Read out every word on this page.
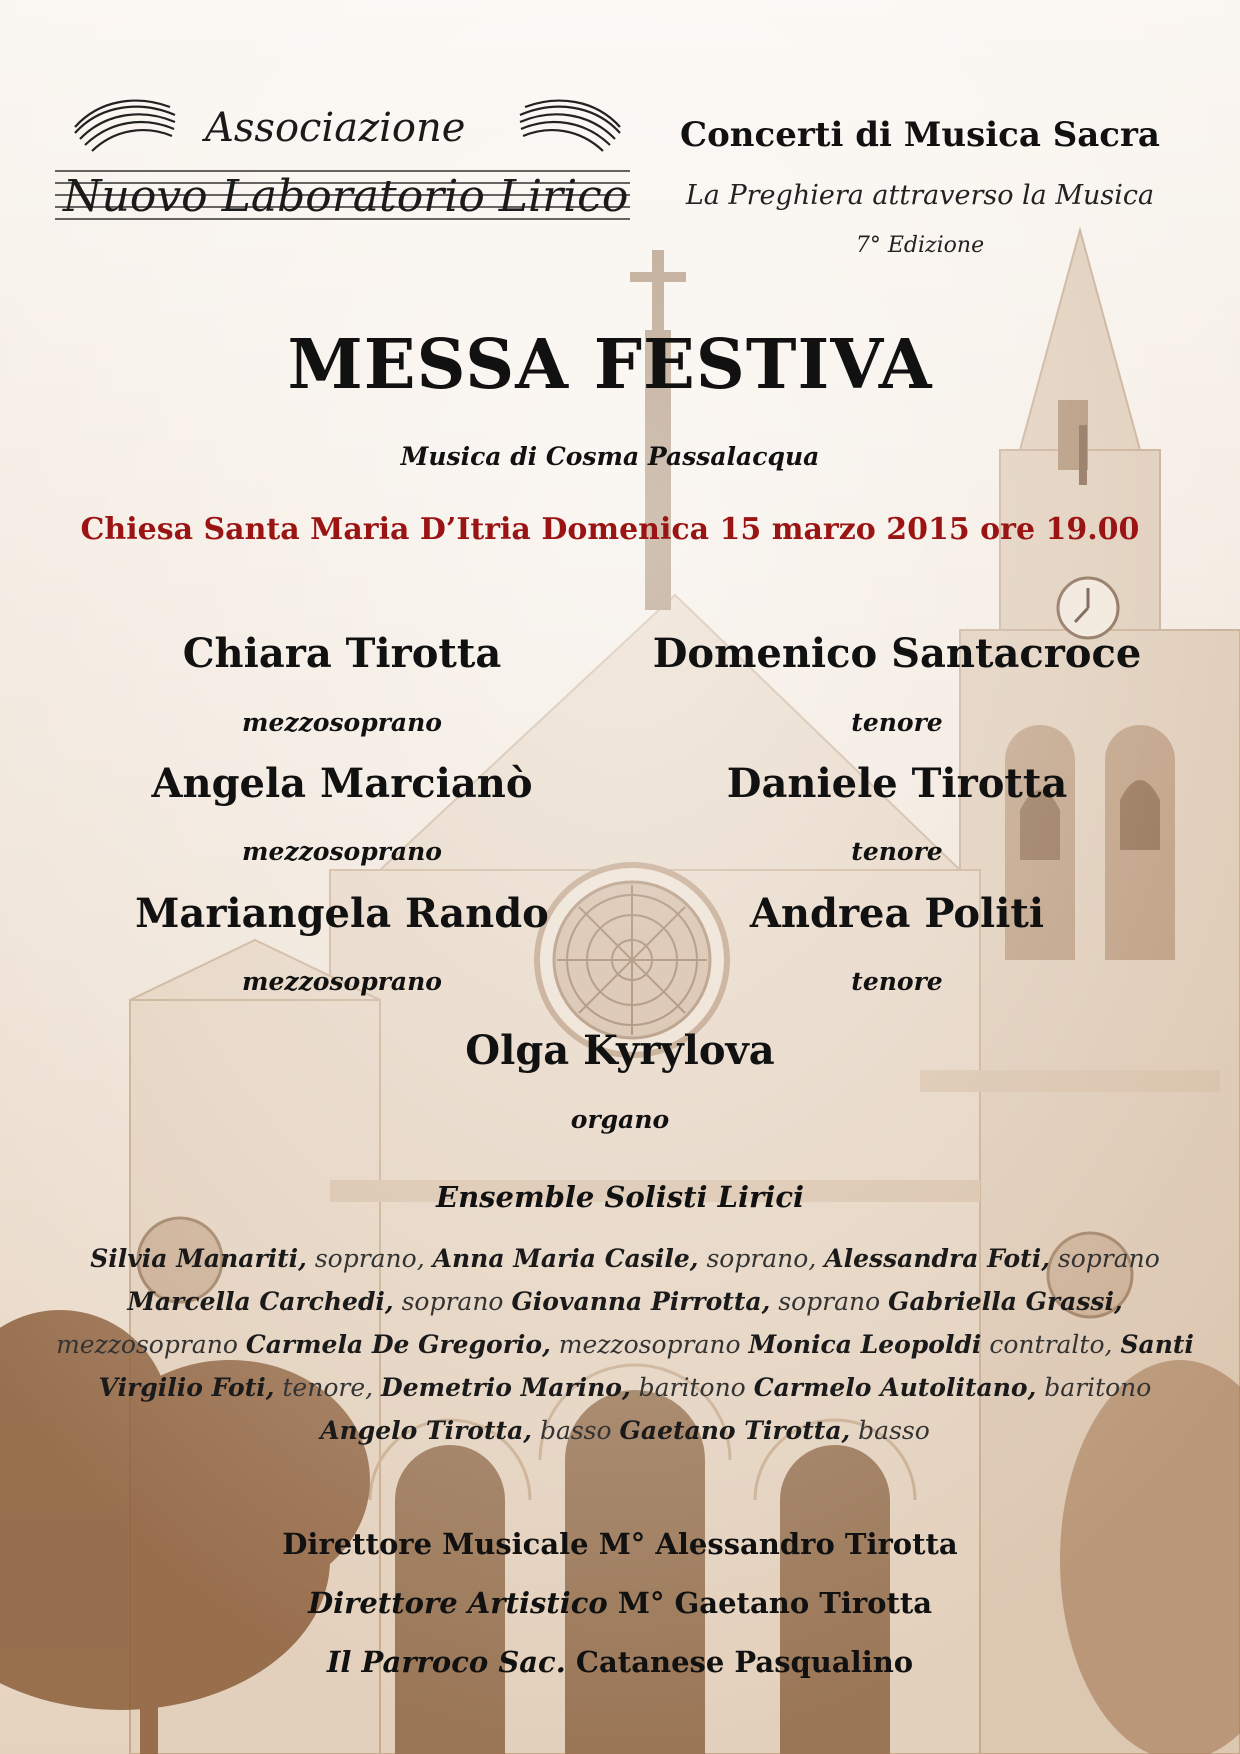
Associazione
Nuovo Laboratorio Lirico
Concerti di Musica Sacra
La Preghiera attraverso la Musica
7° Edizione
MESSA FESTIVA
Musica di Cosma Passalacqua
Chiesa Santa Maria D’Itria Domenica 15 marzo 2015 ore 19.00
Chiara Tirotta
mezzosoprano
Angela Marcianò
mezzosoprano
Mariangela Rando
mezzosoprano
Domenico Santacroce
tenore
Daniele Tirotta
tenore
Andrea Politi
tenore
Olga Kyrylova
organo
Ensemble Solisti Lirici
Silvia Manariti, soprano, Anna Maria Casile, soprano, Alessandra Foti, soprano Marcella Carchedi, soprano Giovanna Pirrotta, soprano Gabriella Grassi, mezzosoprano Carmela De Gregorio, mezzosoprano Monica Leopoldi contralto, Santi Virgilio Foti, tenore, Demetrio Marino, baritono Carmelo Autolitano, baritono Angelo Tirotta, basso Gaetano Tirotta, basso
Direttore Musicale M° Alessandro Tirotta
Direttore Artistico M° Gaetano Tirotta
Il Parroco Sac. Catanese Pasqualino
